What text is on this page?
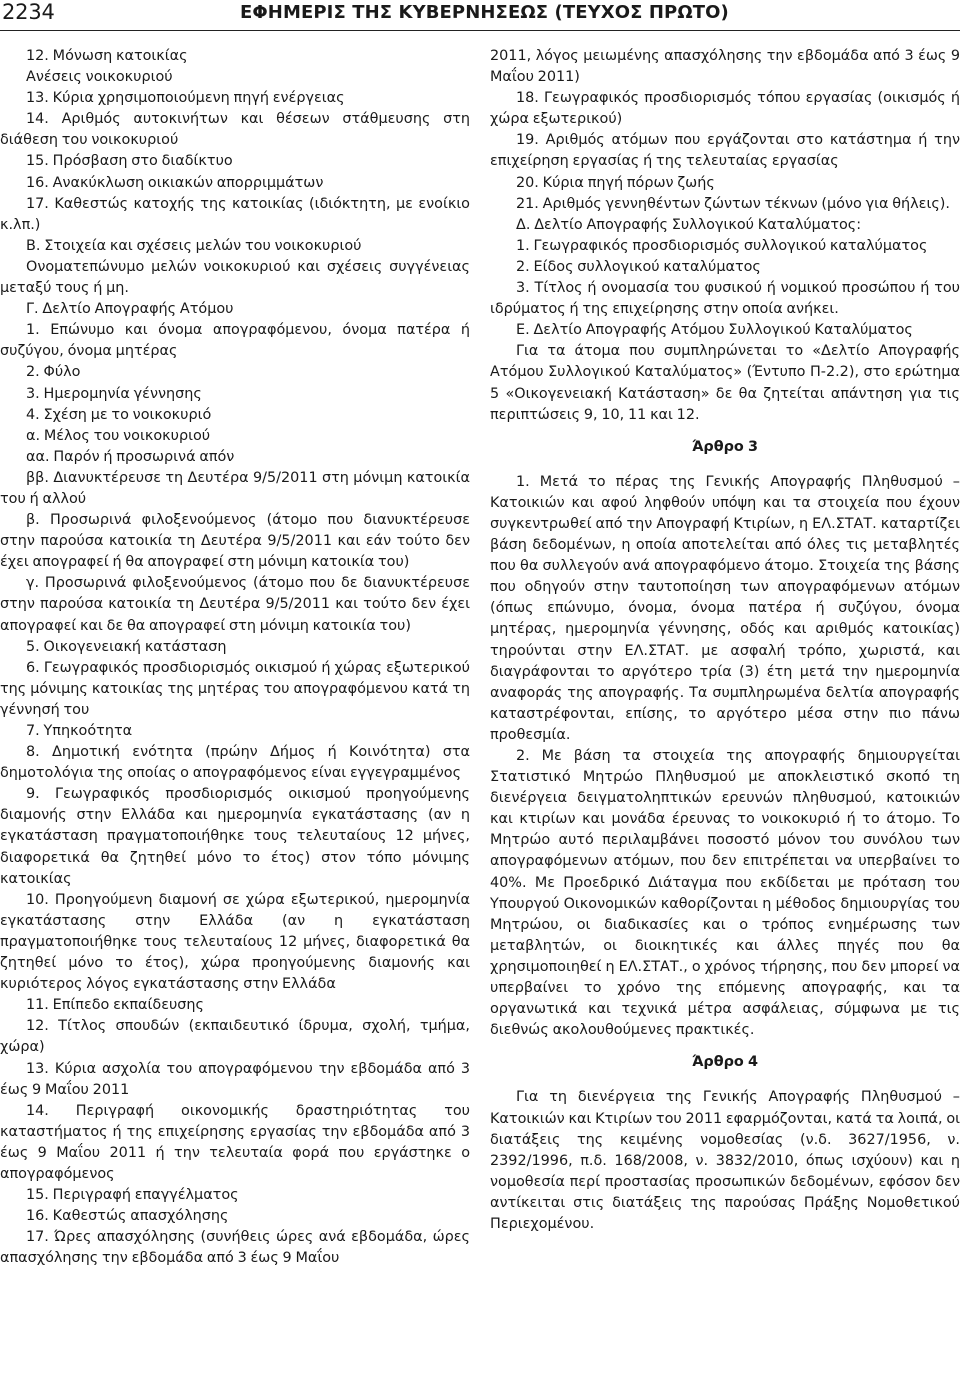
2234	ΕΦΗΜΕΡΙΣ ΤΗΣ ΚΥΒΕΡΝΗΣΕΩΣ (ΤΕΥΧΟΣ ΠΡΩΤΟ)

12. Μόνωση κατοικίας

Ανέσεις νοικοκυριού

13. Κύρια χρησιμοποιούμενη πηγή ενέργειας

14. Αριθμός αυτοκινήτων και θέσεων στάθμευσης στη διάθεση του νοικοκυριού

15. Πρόσβαση στο διαδίκτυο

16. Ανακύκλωση οικιακών απορριμμάτων

17. Καθεστώς κατοχής της κατοικίας (ιδιόκτητη, με ενοίκιο κ.λπ.)

Β. Στοιχεία και σχέσεις μελών του νοικοκυριού

Ονοματεπώνυμο μελών νοικοκυριού και σχέσεις συγγένειας μεταξύ τους ή μη.

Γ. Δελτίο Απογραφής Ατόμου

1. Επώνυμο και όνομα απογραφόμενου, όνομα πατέρα ή συζύγου, όνομα μητέρας

2. Φύλο

3. Ημερομηνία γέννησης

4. Σχέση με το νοικοκυριό

α. Μέλος του νοικοκυριού

αα. Παρόν ή προσωρινά απόν

ββ. Διανυκτέρευσε τη Δευτέρα 9/5/2011 στη μόνιμη κατοικία του ή αλλού

β. Προσωρινά φιλοξενούμενος (άτομο που διανυκτέρευσε στην παρούσα κατοικία τη Δευτέρα 9/5/2011 και εάν τούτο δεν έχει απογραφεί ή θα απογραφεί στη μόνιμη κατοικία του)

γ. Προσωρινά φιλοξενούμενος (άτομο που δε διανυκτέρευσε στην παρούσα κατοικία τη Δευτέρα 9/5/2011 και τούτο δεν έχει απογραφεί και δε θα απογραφεί στη μόνιμη κατοικία του)

5. Οικογενειακή κατάσταση

6. Γεωγραφικός προσδιορισμός οικισμού ή χώρας εξωτερικού της μόνιμης κατοικίας της μητέρας του απογραφόμενου κατά τη γέννησή του

7. Υπηκοότητα

8. Δημοτική ενότητα (πρώην Δήμος ή Κοινότητα) στα δημοτολόγια της οποίας ο απογραφόμενος είναι εγγεγραμμένος

9. Γεωγραφικός προσδιορισμός οικισμού προηγούμενης διαμονής στην Ελλάδα και ημερομηνία εγκατάστασης (αν η εγκατάσταση πραγματοποιήθηκε τους τελευταίους 12 μήνες, διαφορετικά θα ζητηθεί μόνο το έτος) στον τόπο μόνιμης κατοικίας

10. Προηγούμενη διαμονή σε χώρα εξωτερικού, ημερομηνία εγκατάστασης στην Ελλάδα (αν η εγκατάσταση πραγματοποιήθηκε τους τελευταίους 12 μήνες, διαφορετικά θα ζητηθεί μόνο το έτος), χώρα προηγούμενης διαμονής και κυριότερος λόγος εγκατάστασης στην Ελλάδα

11. Επίπεδο εκπαίδευσης

12. Τίτλος σπουδών (εκπαιδευτικό ίδρυμα, σχολή, τμήμα, χώρα)

13. Κύρια ασχολία του απογραφόμενου την εβδομάδα από 3 έως 9 Μαΐου 2011

14. Περιγραφή οικονομικής δραστηριότητας του καταστήματος ή της επιχείρησης εργασίας την εβδομάδα από 3 έως 9 Μαΐου 2011 ή την τελευταία φορά που εργάστηκε ο απογραφόμενος

15. Περιγραφή επαγγέλματος

16. Καθεστώς απασχόλησης

17. Ώρες απασχόλησης (συνήθεις ώρες ανά εβδομάδα, ώρες απασχόλησης την εβδομάδα από 3 έως 9 Μαΐου

2011, λόγος μειωμένης απασχόλησης την εβδομάδα από 3 έως 9 Μαΐου 2011)

18. Γεωγραφικός προσδιορισμός τόπου εργασίας (οικισμός ή χώρα εξωτερικού)

19. Αριθμός ατόμων που εργάζονται στο κατάστημα ή την επιχείρηση εργασίας ή της τελευταίας εργασίας

20. Κύρια πηγή πόρων ζωής

21. Αριθμός γεννηθέντων ζώντων τέκνων (μόνο για θήλεις).

Δ. Δελτίο Απογραφής Συλλογικού Καταλύματος:

1. Γεωγραφικός προσδιορισμός συλλογικού καταλύματος

2. Είδος συλλογικού καταλύματος

3. Τίτλος ή ονομασία του φυσικού ή νομικού προσώπου ή του ιδρύματος ή της επιχείρησης στην οποία ανήκει.

Ε. Δελτίο Απογραφής Ατόμου Συλλογικού Καταλύματος

Για τα άτομα που συμπληρώνεται το «Δελτίο Απογραφής Ατόμου Συλλογικού Καταλύματος» (Έντυπο Π-2.2), στο ερώτημα 5 «Οικογενειακή Κατάσταση» δε θα ζητείται απάντηση για τις περιπτώσεις 9, 10, 11 και 12.

Άρθρο 3

1. Μετά το πέρας της Γενικής Απογραφής Πληθυσμού – Κατοικιών και αφού ληφθούν υπόψη και τα στοιχεία που έχουν συγκεντρωθεί από την Απογραφή Κτιρίων, η ΕΛ.ΣΤΑΤ. καταρτίζει βάση δεδομένων, η οποία αποτελείται από όλες τις μεταβλητές που θα συλλεγούν ανά απογραφόμενο άτομο. Στοιχεία της βάσης που οδηγούν στην ταυτοποίηση των απογραφόμενων ατόμων (όπως επώνυμο, όνομα, όνομα πατέρα ή συζύγου, όνομα μητέρας, ημερομηνία γέννησης, οδός και αριθμός κατοικίας) τηρούνται στην ΕΛ.ΣΤΑΤ. με ασφαλή τρόπο, χωριστά, και διαγράφονται το αργότερο τρία (3) έτη μετά την ημερομηνία αναφοράς της απογραφής. Τα συμπληρωμένα δελτία απογραφής καταστρέφονται, επίσης, το αργότερο μέσα στην πιο πάνω προθεσμία.

2. Με βάση τα στοιχεία της απογραφής δημιουργείται Στατιστικό Μητρώο Πληθυσμού με αποκλειστικό σκοπό τη διενέργεια δειγματοληπτικών ερευνών πληθυσμού, κατοικιών και κτιρίων και μονάδα έρευνας το νοικοκυριό ή το άτομο. Το Μητρώο αυτό περιλαμβάνει ποσοστό μόνον του συνόλου των απογραφόμενων ατόμων, που δεν επιτρέπεται να υπερβαίνει το 40%. Με Προεδρικό Διάταγμα που εκδίδεται με πρόταση του Υπουργού Οικονομικών καθορίζονται η μέθοδος δημιουργίας του Μητρώου, οι διαδικασίες και ο τρόπος ενημέρωσης των μεταβλητών, οι διοικητικές και άλλες πηγές που θα χρησιμοποιηθεί η ΕΛ.ΣΤΑΤ., ο χρόνος τήρησης, που δεν μπορεί να υπερβαίνει το χρόνο της επόμενης απογραφής, και τα οργανωτικά και τεχνικά μέτρα ασφάλειας, σύμφωνα με τις διεθνώς ακολουθούμενες πρακτικές.

Άρθρο 4

Για τη διενέργεια της Γενικής Απογραφής Πληθυσμού – Κατοικιών και Κτιρίων του 2011 εφαρμόζονται, κατά τα λοιπά, οι διατάξεις της κειμένης νομοθεσίας (ν.δ. 3627/1956, ν. 2392/1996, π.δ. 168/2008, ν. 3832/2010, όπως ισχύουν) και η νομοθεσία περί προστασίας προσωπικών δεδομένων, εφόσον δεν αντίκειται στις διατάξεις της παρούσας Πράξης Νομοθετικού Περιεχομένου.
